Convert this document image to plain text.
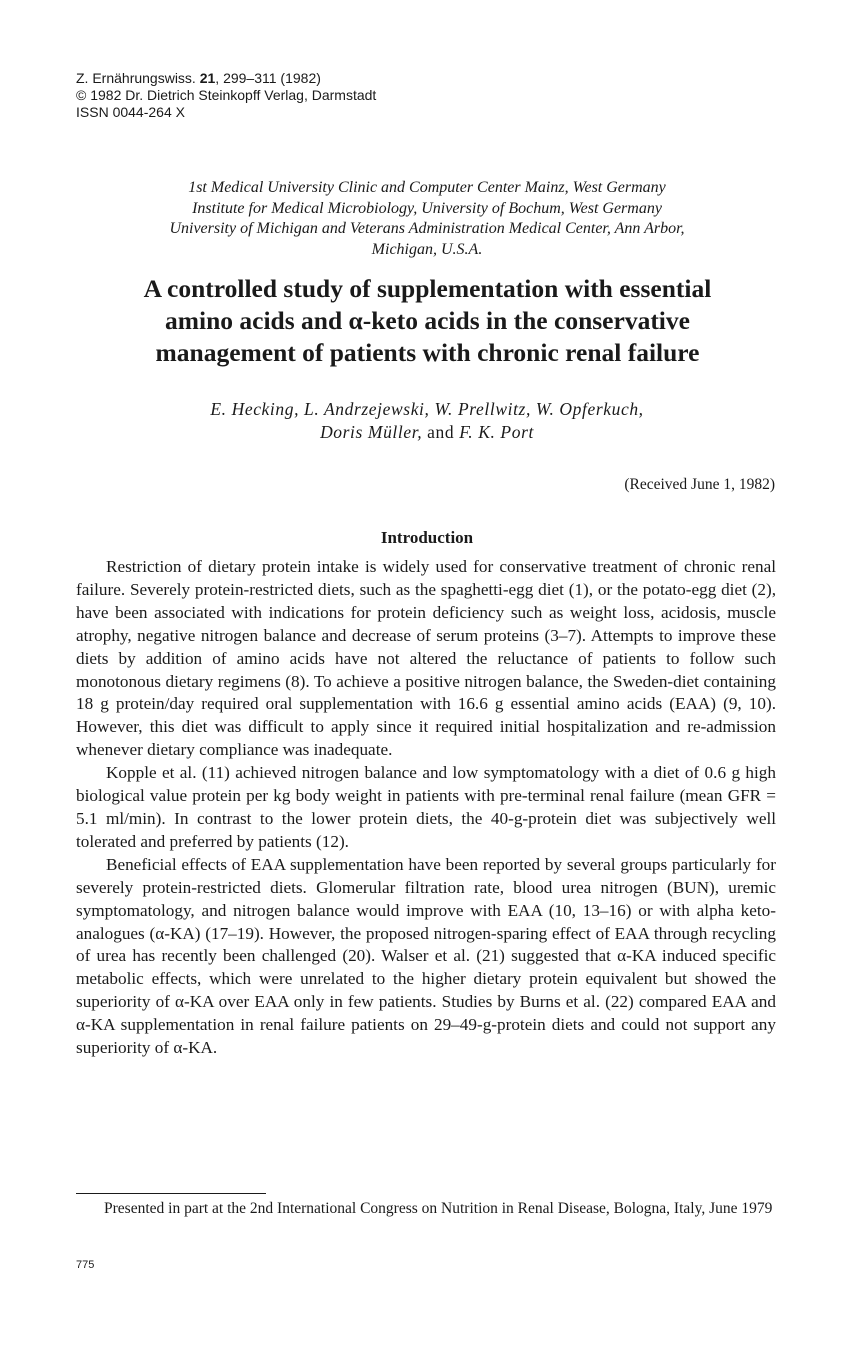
Z. Ernährungswiss. 21, 299–311 (1982)
© 1982 Dr. Dietrich Steinkopff Verlag, Darmstadt
ISSN 0044-264 X
1st Medical University Clinic and Computer Center Mainz, West Germany
Institute for Medical Microbiology, University of Bochum, West Germany
University of Michigan and Veterans Administration Medical Center, Ann Arbor,
Michigan, U.S.A.
A controlled study of supplementation with essential
amino acids and α-keto acids in the conservative
management of patients with chronic renal failure
E. Hecking, L. Andrzejewski, W. Prellwitz, W. Opferkuch,
Doris Müller, and F. K. Port
(Received June 1, 1982)
Introduction

Restriction of dietary protein intake is widely used for conservative treatment of chronic renal failure. Severely protein-restricted diets, such as the spaghetti-egg diet (1), or the potato-egg diet (2), have been associated with indications for protein deficiency such as weight loss, acidosis, muscle atrophy, negative nitrogen balance and decrease of serum proteins (3–7). Attempts to improve these diets by addition of amino acids have not altered the reluctance of patients to follow such monotonous dietary regimens (8). To achieve a positive nitrogen balance, the Sweden-diet containing 18 g protein/day required oral supplementation with 16.6 g essential amino acids (EAA) (9, 10). However, this diet was difficult to apply since it required initial hospitalization and re-admission whenever dietary compliance was inadequate.

Kopple et al. (11) achieved nitrogen balance and low symptomatology with a diet of 0.6 g high biological value protein per kg body weight in patients with pre-terminal renal failure (mean GFR = 5.1 ml/min). In contrast to the lower protein diets, the 40-g-protein diet was subjectively well tolerated and preferred by patients (12).

Beneficial effects of EAA supplementation have been reported by several groups particularly for severely protein-restricted diets. Glomerular filtration rate, blood urea nitrogen (BUN), uremic symptomatology, and nitrogen balance would improve with EAA (10, 13–16) or with alpha keto-analogues (α-KA) (17–19). However, the proposed nitrogen-sparing effect of EAA through recycling of urea has recently been challenged (20). Walser et al. (21) suggested that α-KA induced specific metabolic effects, which were unrelated to the higher dietary protein equivalent but showed the superiority of α-KA over EAA only in few patients. Studies by Burns et al. (22) compared EAA and α-KA supplementation in renal failure patients on 29–49-g-protein diets and could not support any superiority of α-KA.

Presented in part at the 2nd International Congress on Nutrition in Renal Disease, Bologna, Italy, June 1979

775
